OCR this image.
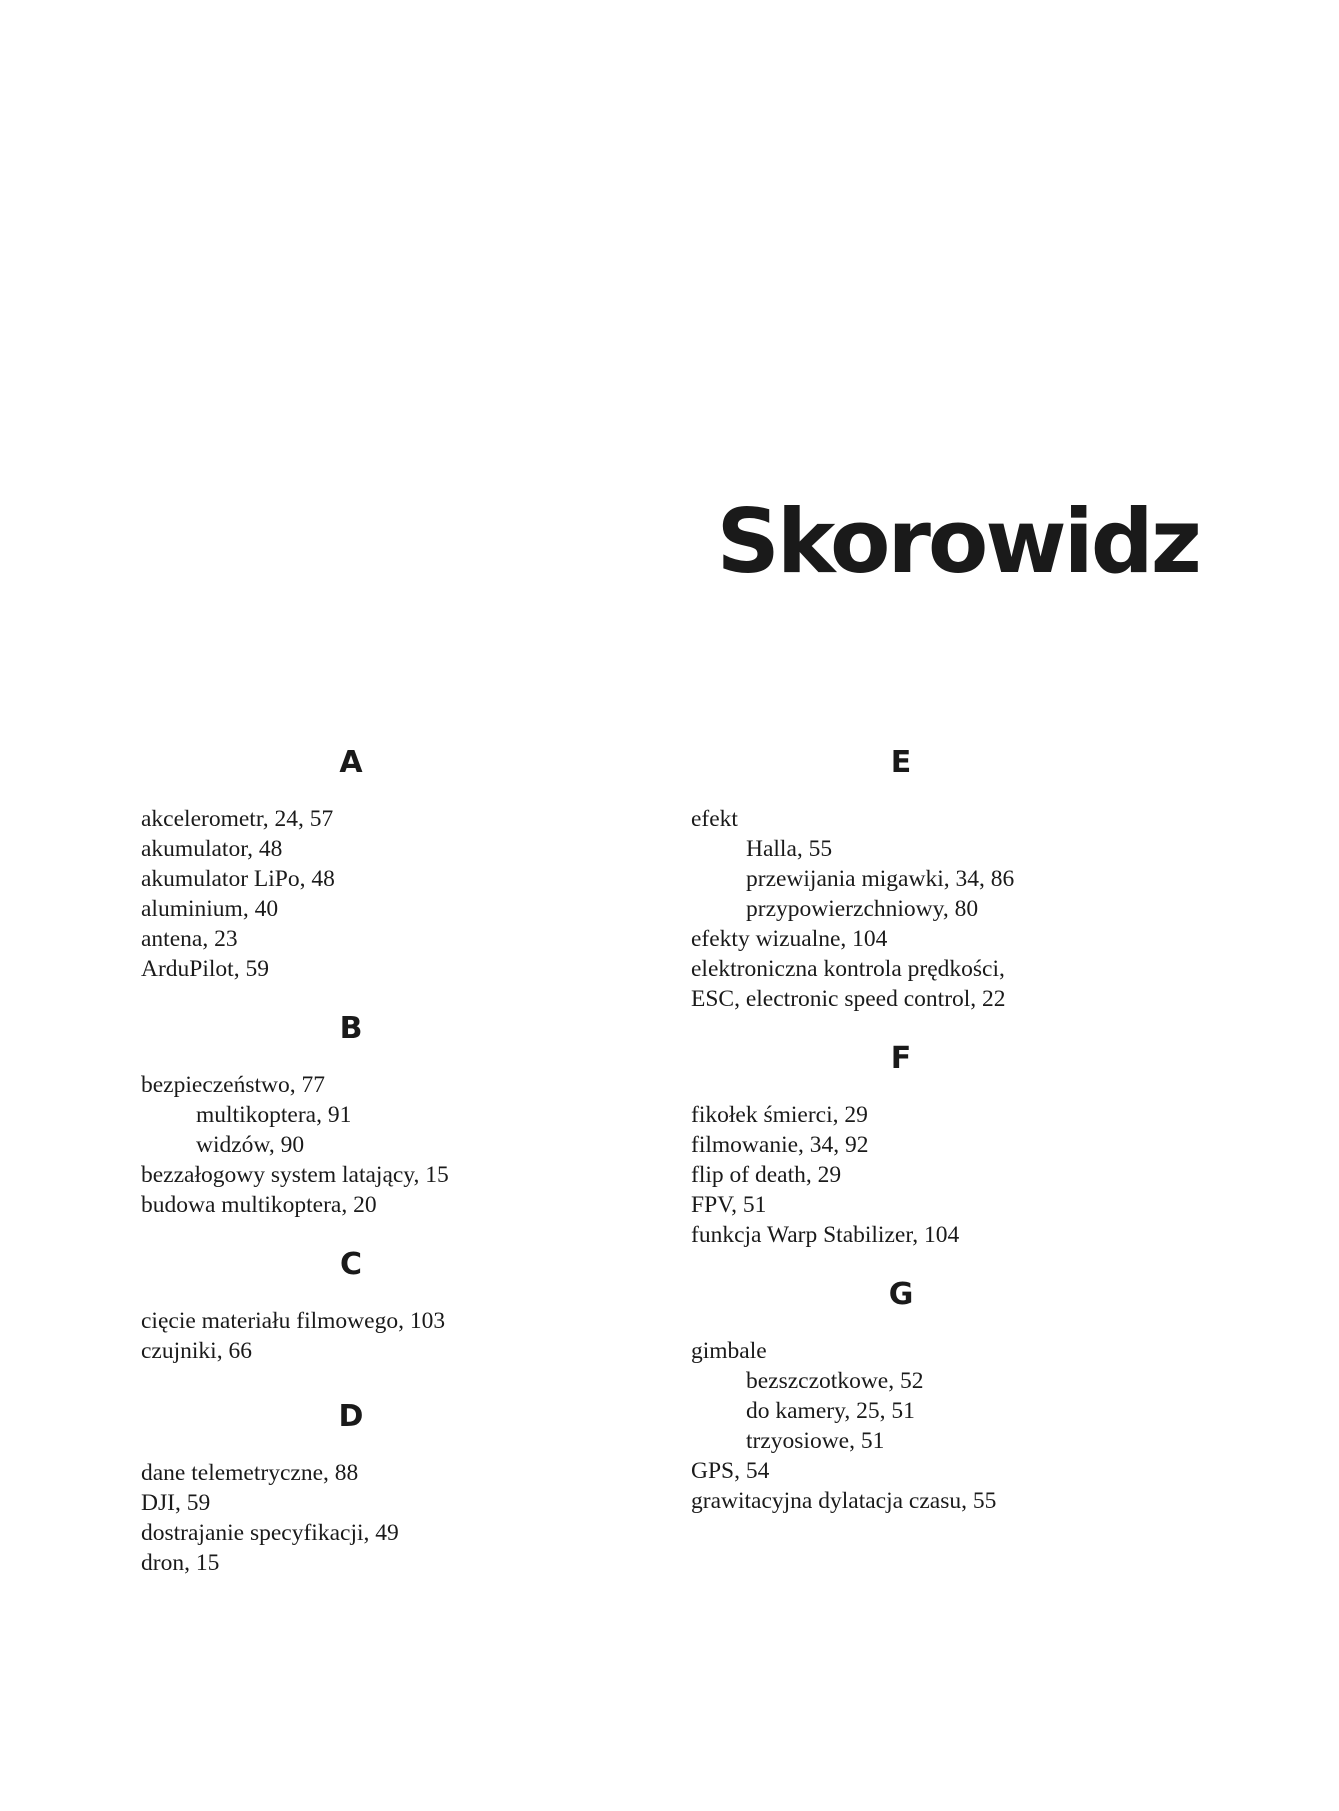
Skorowidz
A
akcelerometr, 24, 57
akumulator, 48
akumulator LiPo, 48
aluminium, 40
antena, 23
ArduPilot, 59
B
bezpieczeństwo, 77
multikoptera, 91
widzów, 90
bezzałogowy system latający, 15
budowa multikoptera, 20
C
cięcie materiału filmowego, 103
czujniki, 66
D
dane telemetryczne, 88
DJI, 59
dostrajanie specyfikacji, 49
dron, 15
E
efekt
Halla, 55
przewijania migawki, 34, 86
przypowierzchniowy, 80
efekty wizualne, 104
elektroniczna kontrola prędkości,
ESC, electronic speed control, 22
F
fikołek śmierci, 29
filmowanie, 34, 92
flip of death, 29
FPV, 51
funkcja Warp Stabilizer, 104
G
gimbale
bezszczotkowe, 52
do kamery, 25, 51
trzyosiowe, 51
GPS, 54
grawitacyjna dylatacja czasu, 55
